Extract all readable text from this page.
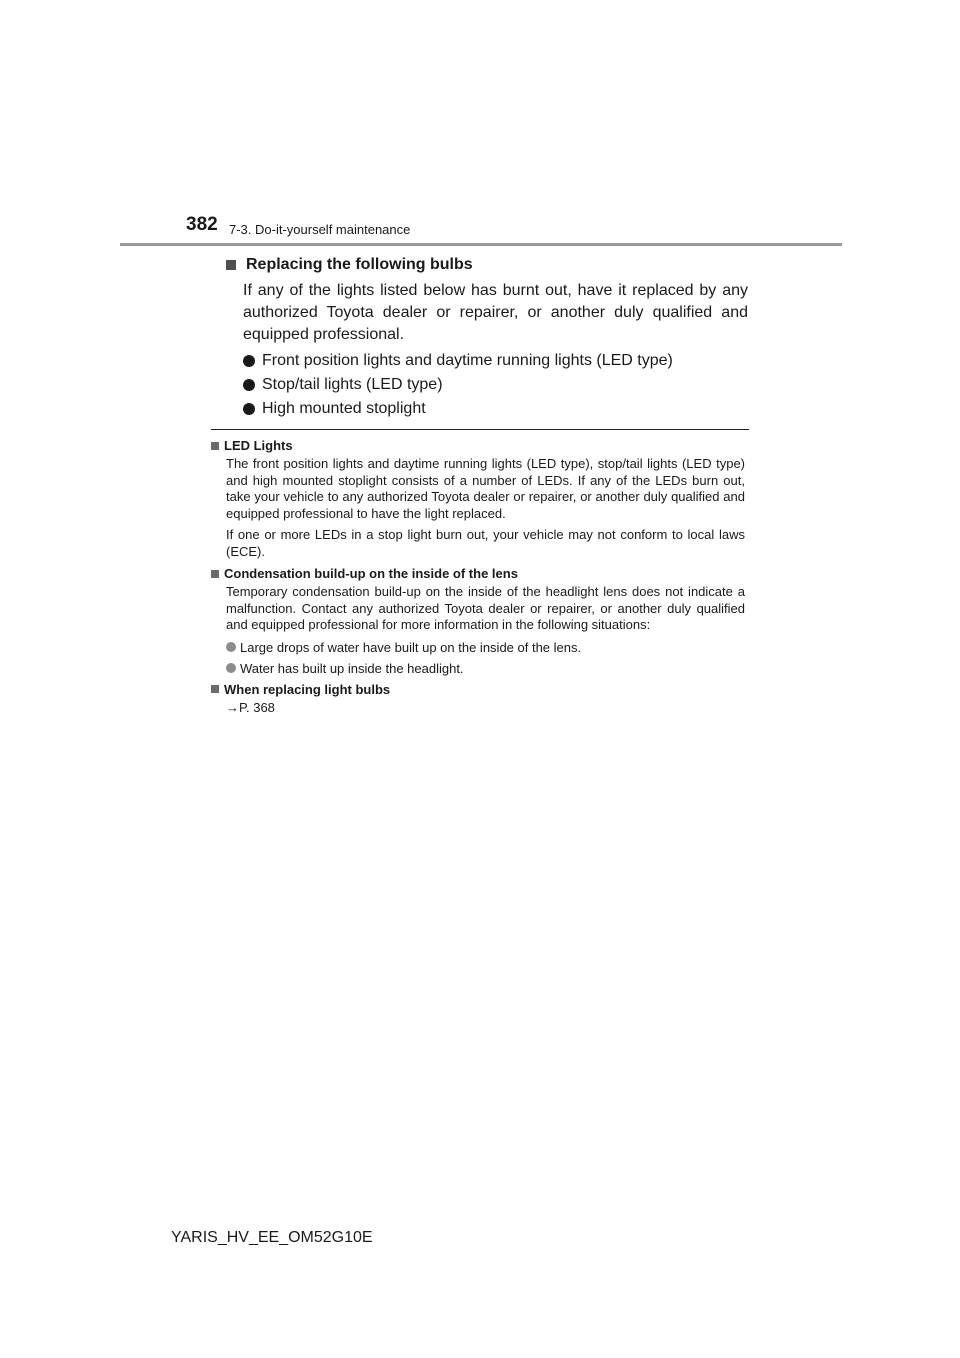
382 7-3. Do-it-yourself maintenance
Replacing the following bulbs
If any of the lights listed below has burnt out, have it replaced by any authorized Toyota dealer or repairer, or another duly qualified and equipped professional.
Front position lights and daytime running lights (LED type)
Stop/tail lights (LED type)
High mounted stoplight
LED Lights
The front position lights and daytime running lights (LED type), stop/tail lights (LED type) and high mounted stoplight consists of a number of LEDs. If any of the LEDs burn out, take your vehicle to any authorized Toyota dealer or repairer, or another duly qualified and equipped professional to have the light replaced.
If one or more LEDs in a stop light burn out, your vehicle may not conform to local laws (ECE).
Condensation build-up on the inside of the lens
Temporary condensation build-up on the inside of the headlight lens does not indicate a malfunction. Contact any authorized Toyota dealer or repairer, or another duly qualified and equipped professional for more information in the following situations:
Large drops of water have built up on the inside of the lens.
Water has built up inside the headlight.
When replacing light bulbs
→P. 368
YARIS_HV_EE_OM52G10E
